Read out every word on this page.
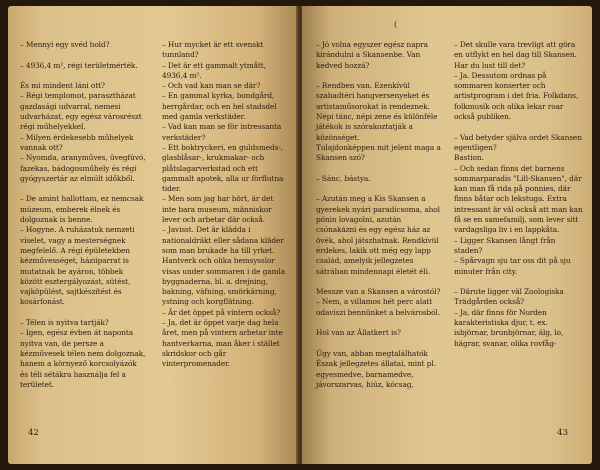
– Mennyi egy svéd hold?
– 4936,4 m², régi területmérték.
És mi mindent láni ott?
– Régi templomot, parasztházat gazdasági udvarral, nemesi udvarházat, egy egész városrészt régi műhelyekkel.
– Milyen érdekesebb műhelyek vannak ott?
– Nyomda, aranyműves, üvegfúvó, fazekas, bádogosműhely és régi gyógyszertár az elmúlt időkből.
– De amint hallottam, ez nemcsak múzeum, emberek élnek és dolgoznak is benne.
– Hogyne. A ruházatuk nemzeti viselet, vagy a mesterségnek megfelelő. A régi épületekben kézművességet, háziiparrat is mutatnak be ayáron, többek között esztergályozást, sütést, vajköpülést, sajtkészítést és kosárfonást.
– Télen is nyitva tartják?
– Igen, egész évben át naponta nyitva van, de persze a kézművesek télen nem dolgoznak, hanem a környező korcsolyázók és téli sétákra használja fel a területet.
– Hur mycket är ett svenskt tunnland?
– Det är ett gammalt ytmått, 4936,4 m².
– Och vad kan man se där?
– En gammal kyrka, bondgård, herrgårdar, och en hel stadsdel med gamla verkstäder.
– Vad kan man se för intressanta verkstäder?
– Ett boktryckeri, en guldsmeds-, glasblåsar-, krukmakar- och plåtslagarverkstad och ett gammalt apotek, alla ur förflutna tider.
– Men som jag har hört, är det inte bara museum, människor lever och arbetar där också.
– Javisst. Det är klädda i nationaldräkt eller sådana kläder som man brukade ha till yrket. Hantverk och olika hemsysslor visas under sommaren i de gamla byggnaderna, bl. a. drejning, bakning, väfning, smörkärning, ystning och korgflätning.
– Är det öppet på vintern också?
– Ja, det är öppet varje dag hela året, men på vintern arbetar inte hantverkarna, man åker i stället skridskor och går vinterpromenader.
42
(
– Jó volna egyszer egész napra kirándulni a Skansenbe. Van kedved hozzá?
– Rendben van. Ezenkívül szabadtéri hangversenyeket és artistaműsorokat is rendeznek. Népi tánc, népi zene és különféle játékok is szórakoztatják a közönséget.
Tulajdonképpen mit jelent maga a Skansen szó?
– Sánc, bástya.
– Azután meg a Kis Skansen a gyerekek nyári paradicsoma, ahol pónin lovagolni, azután csónakázni és egy egész ház az övék, ahol játszhatnak. Rendkívül érdekes, lakik ott még egy lapp család, amelyik jellegzetes sátrában mindennapi életét éli.
Messze van a Skansen a várostól?
– Nem, a villamos hét perc alatt odaviszi bennünket a belvárosból.
Hol van az Állatkert is?
Úgy van, abban megtalálhatók Észak jellegzetes állatai, mint pl. egyesmedve, barnamedve, jávorszarvas, hiúz, kócsag,
– Det skulle vara trevligt att göra en utflykt en hel dag till Skansen. Har du lust till det?
– Ja. Dessutom ordnas på sommaren konserter och artistprogram i det fria. Folkdans, folkmusik och olika lekar roar också publiken.
– Vad betyder själva ordet Skansen egentligen?
Bastion.
– Och sedan finns det barnens sommarparadis "Lill-Skansen", där kan man få rida på ponnies, där finns båtar och lekstuga. Extra intressant är väl också att man kan få se en samefamilj, som lever sitt vardagsliga liv i en lappkåta.
– Ligger Skansen långt från staden?
– Spårvagn sju tar oss dit på sju minuter från city.
– Därute ligger väl Zoologiska Trädgården också?
– Ja, där finns för Norden karakteristiska djur, t. ex. isbjörnar, brunbjörnar, älg, lo, hägrar, svanar, olika rovfåg-
43
